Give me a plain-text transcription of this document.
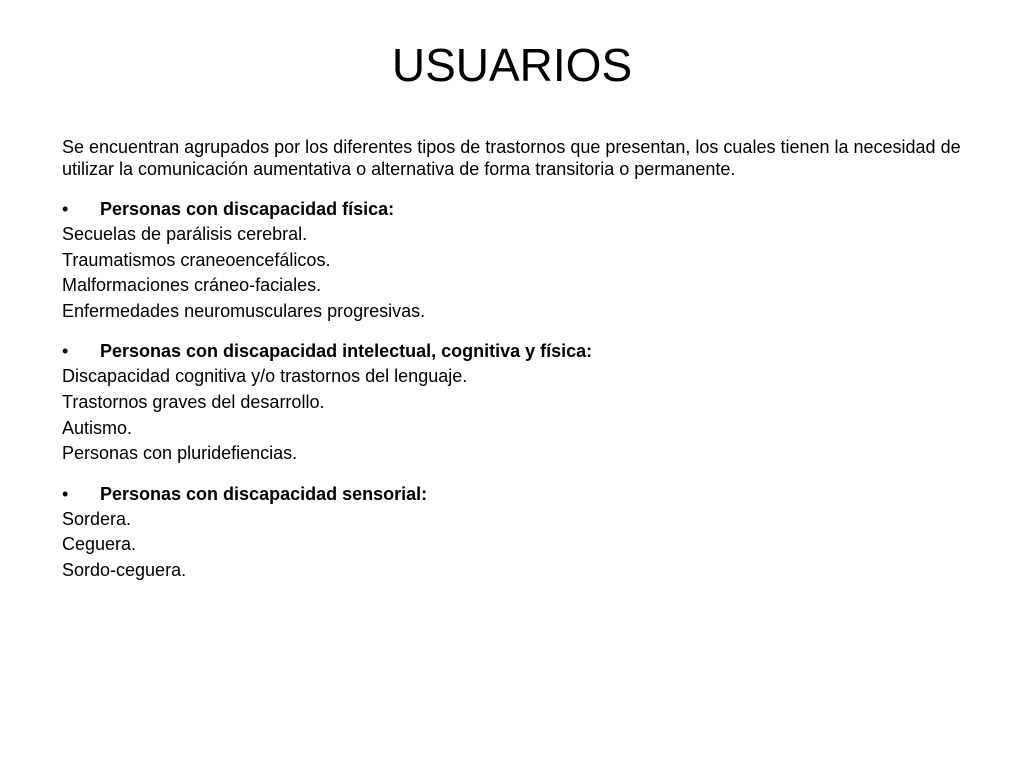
USUARIOS

Se encuentran agrupados por los diferentes tipos de trastornos que presentan, los cuales tienen la necesidad de utilizar la comunicación aumentativa o alternativa de forma transitoria o permanente.

•	Personas con discapacidad física:
Secuelas de parálisis cerebral.
Traumatismos craneoencefálicos.
Malformaciones cráneo-faciales.
Enfermedades neuromusculares progresivas.
•	Personas con discapacidad intelectual, cognitiva y física:
Discapacidad cognitiva y/o trastornos del lenguaje.
Trastornos graves del desarrollo.
Autismo.
Personas con pluridefiencias.
•	Personas con discapacidad sensorial:
Sordera.
Ceguera.
Sordo-ceguera.
